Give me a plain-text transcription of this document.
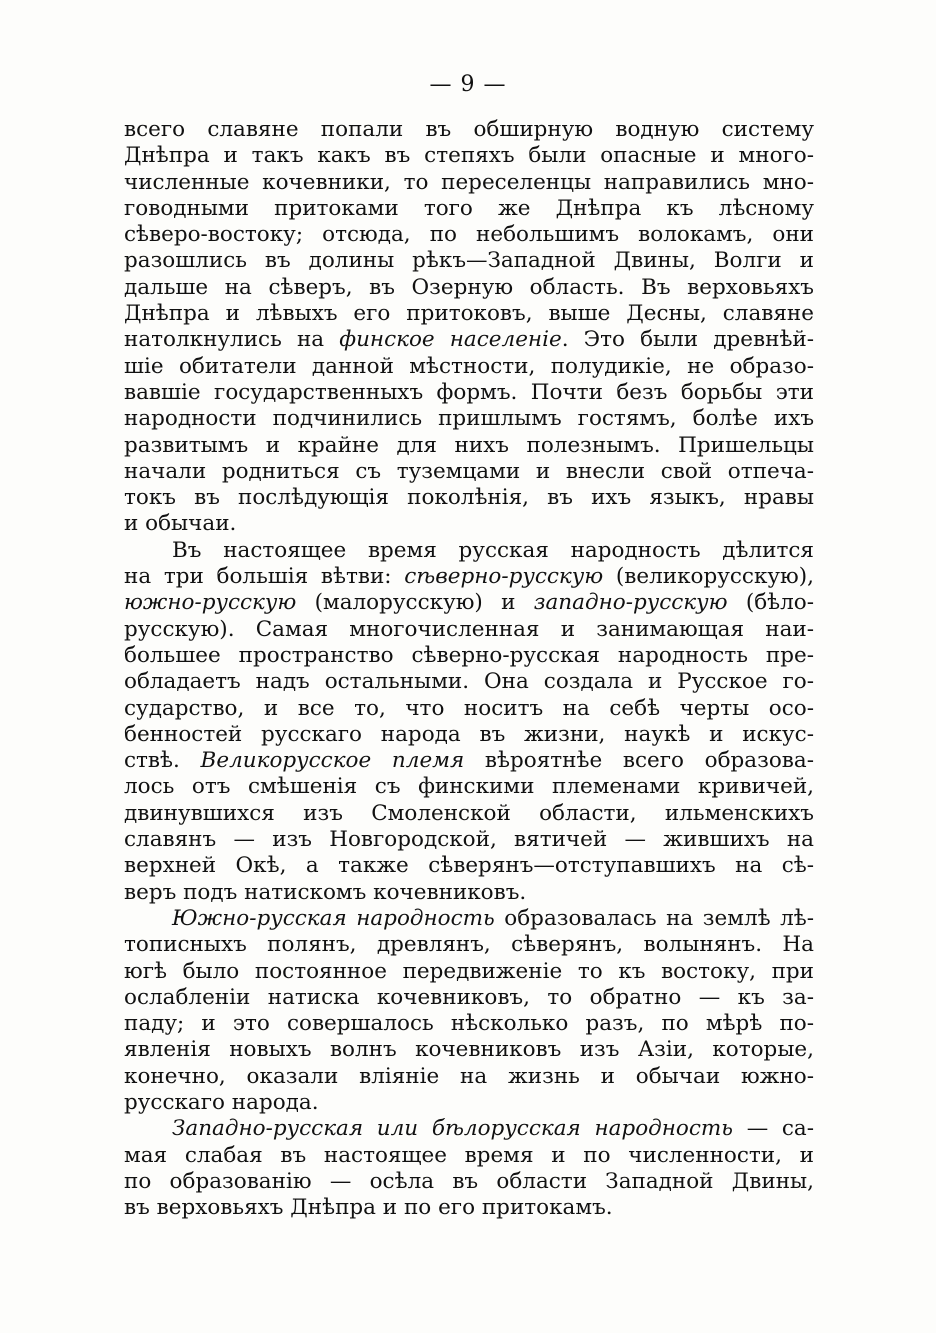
— 9 —
всего славяне попали въ обширную водную систему
Днѣпра и такъ какъ въ степяхъ были опасные и много-
численные кочевники, то переселенцы направились мно-
говодными притоками того же Днѣпра къ лѣсному
сѣверо-востоку; отсюда, по небольшимъ волокамъ, они
разошлись въ долины рѣкъ—Западной Двины, Волги и
дальше на сѣверъ, въ Озерную область. Въ верховьяхъ
Днѣпра и лѣвыхъ его притоковъ, выше Десны, славяне
натолкнулись на финское населеніе. Это были древнѣй-
шіе обитатели данной мѣстности, полудикіе, не образо-
вавшіе государственныхъ формъ. Почти безъ борьбы эти
народности подчинились пришлымъ гостямъ, болѣе ихъ
развитымъ и крайне для нихъ полезнымъ. Пришельцы
начали родниться съ туземцами и внесли свой отпеча-
токъ въ послѣдующія поколѣнія, въ ихъ языкъ, нравы
и обычаи.
Въ настоящее время русская народность дѣлится
на три большія вѣтви: сѣверно-русскую (великорусскую),
южно-русскую (малорусскую) и западно-русскую (бѣло-
русскую). Самая многочисленная и занимающая наи-
большее пространство сѣверно-русская народность пре-
обладаетъ надъ остальными. Она создала и Русское го-
сударство, и все то, что носитъ на себѣ черты осо-
бенностей русскаго народа въ жизни, наукѣ и искус-
ствѣ. Великорусское племя вѣроятнѣе всего образова-
лось отъ смѣшенія съ финскими племенами кривичей,
двинувшихся изъ Смоленской области, ильменскихъ
славянъ — изъ Новгородской, вятичей — жившихъ на
верхней Окѣ, а также сѣверянъ—отступавшихъ на сѣ-
веръ подъ натискомъ кочевниковъ.
Южно-русская народность образовалась на землѣ лѣ-
тописныхъ полянъ, древлянъ, сѣверянъ, волынянъ. На
югѣ было постоянное передвиженіе то къ востоку, при
ослабленіи натиска кочевниковъ, то обратно — къ за-
паду; и это совершалось нѣсколько разъ, по мѣрѣ по-
явленія новыхъ волнъ кочевниковъ изъ Азіи, которые,
конечно, оказали вліяніе на жизнь и обычаи южно-
русскаго народа.
Западно-русская или бѣлорусская народность — са-
мая слабая въ настоящее время и по численности, и
по образованію — осѣла въ области Западной Двины,
въ верховьяхъ Днѣпра и по его притокамъ.
